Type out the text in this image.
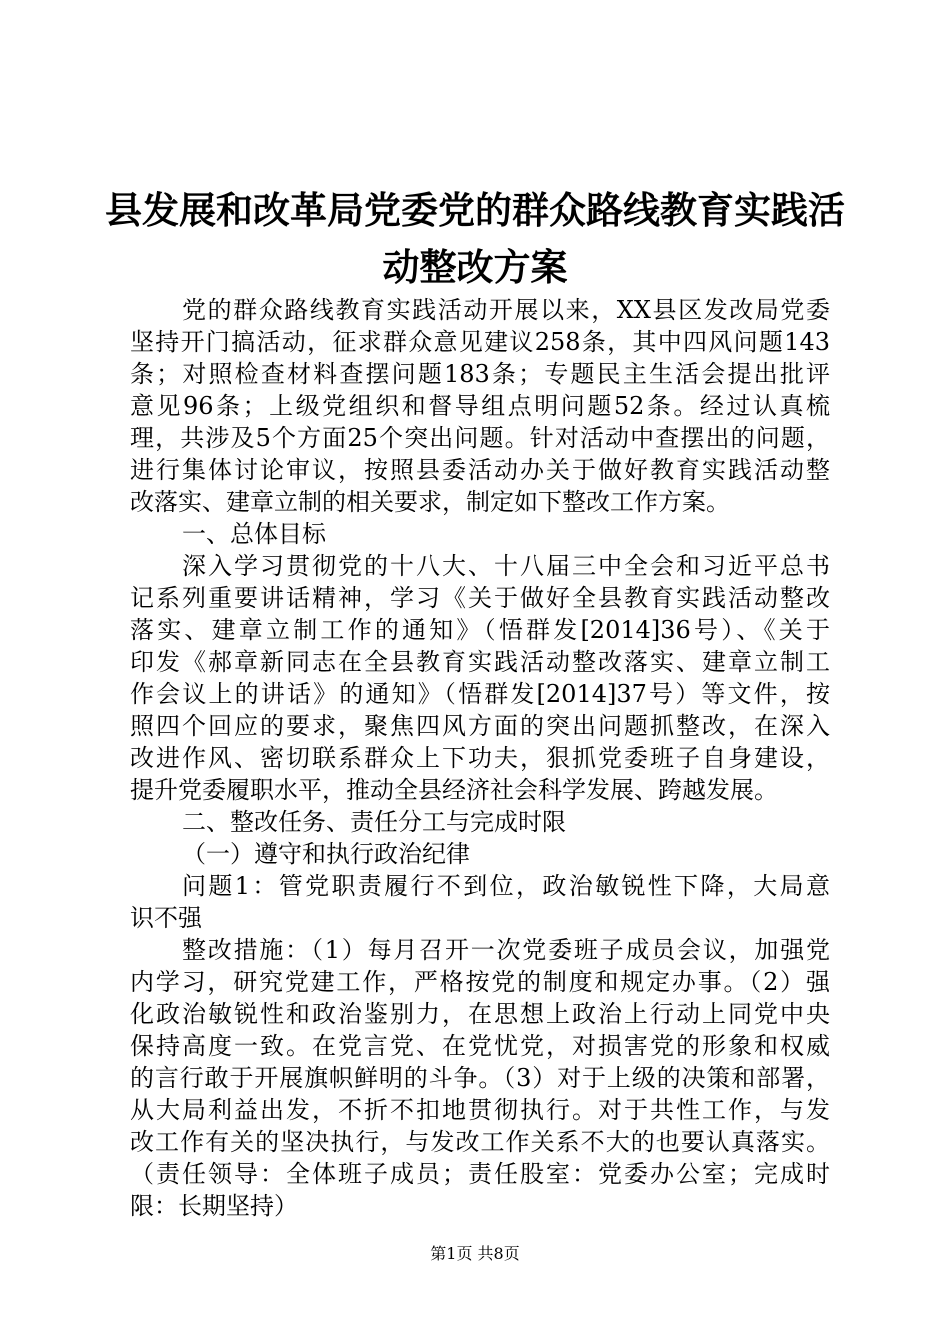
县发展和改革局党委党的群众路线教育实践活
动整改方案
党的群众路线教育实践活动开展以来，XX县区发改局党委
坚持开门搞活动，征求群众意见建议258条，其中四风问题143
条；对照检查材料查摆问题183条；专题民主生活会提出批评
意见96条；上级党组织和督导组点明问题52条。经过认真梳
理，共涉及5个方面25个突出问题。针对活动中查摆出的问题，
进行集体讨论审议，按照县委活动办关于做好教育实践活动整
改落实、建章立制的相关要求，制定如下整改工作方案。
一、总体目标
深入学习贯彻党的十八大、十八届三中全会和习近平总书
记系列重要讲话精神，学习《关于做好全县教育实践活动整改
落实、建章立制工作的通知》（悟群发[2014]36号）、《关于
印发《郝章新同志在全县教育实践活动整改落实、建章立制工
作会议上的讲话》的通知》（悟群发[2014]37号）等文件，按
照四个回应的要求，聚焦四风方面的突出问题抓整改，在深入
改进作风、密切联系群众上下功夫，狠抓党委班子自身建设，
提升党委履职水平，推动全县经济社会科学发展、跨越发展。
二、整改任务、责任分工与完成时限
（一）遵守和执行政治纪律
问题1：管党职责履行不到位，政治敏锐性下降，大局意
识不强
整改措施：（1）每月召开一次党委班子成员会议，加强党
内学习，研究党建工作，严格按党的制度和规定办事。（2）强
化政治敏锐性和政治鉴别力，在思想上政治上行动上同党中央
保持高度一致。在党言党、在党忧党，对损害党的形象和权威
的言行敢于开展旗帜鲜明的斗争。（3）对于上级的决策和部署，
从大局利益出发，不折不扣地贯彻执行。对于共性工作，与发
改工作有关的坚决执行，与发改工作关系不大的也要认真落实。
（责任领导：全体班子成员；责任股室：党委办公室；完成时
限：长期坚持）
第1页 共8页
